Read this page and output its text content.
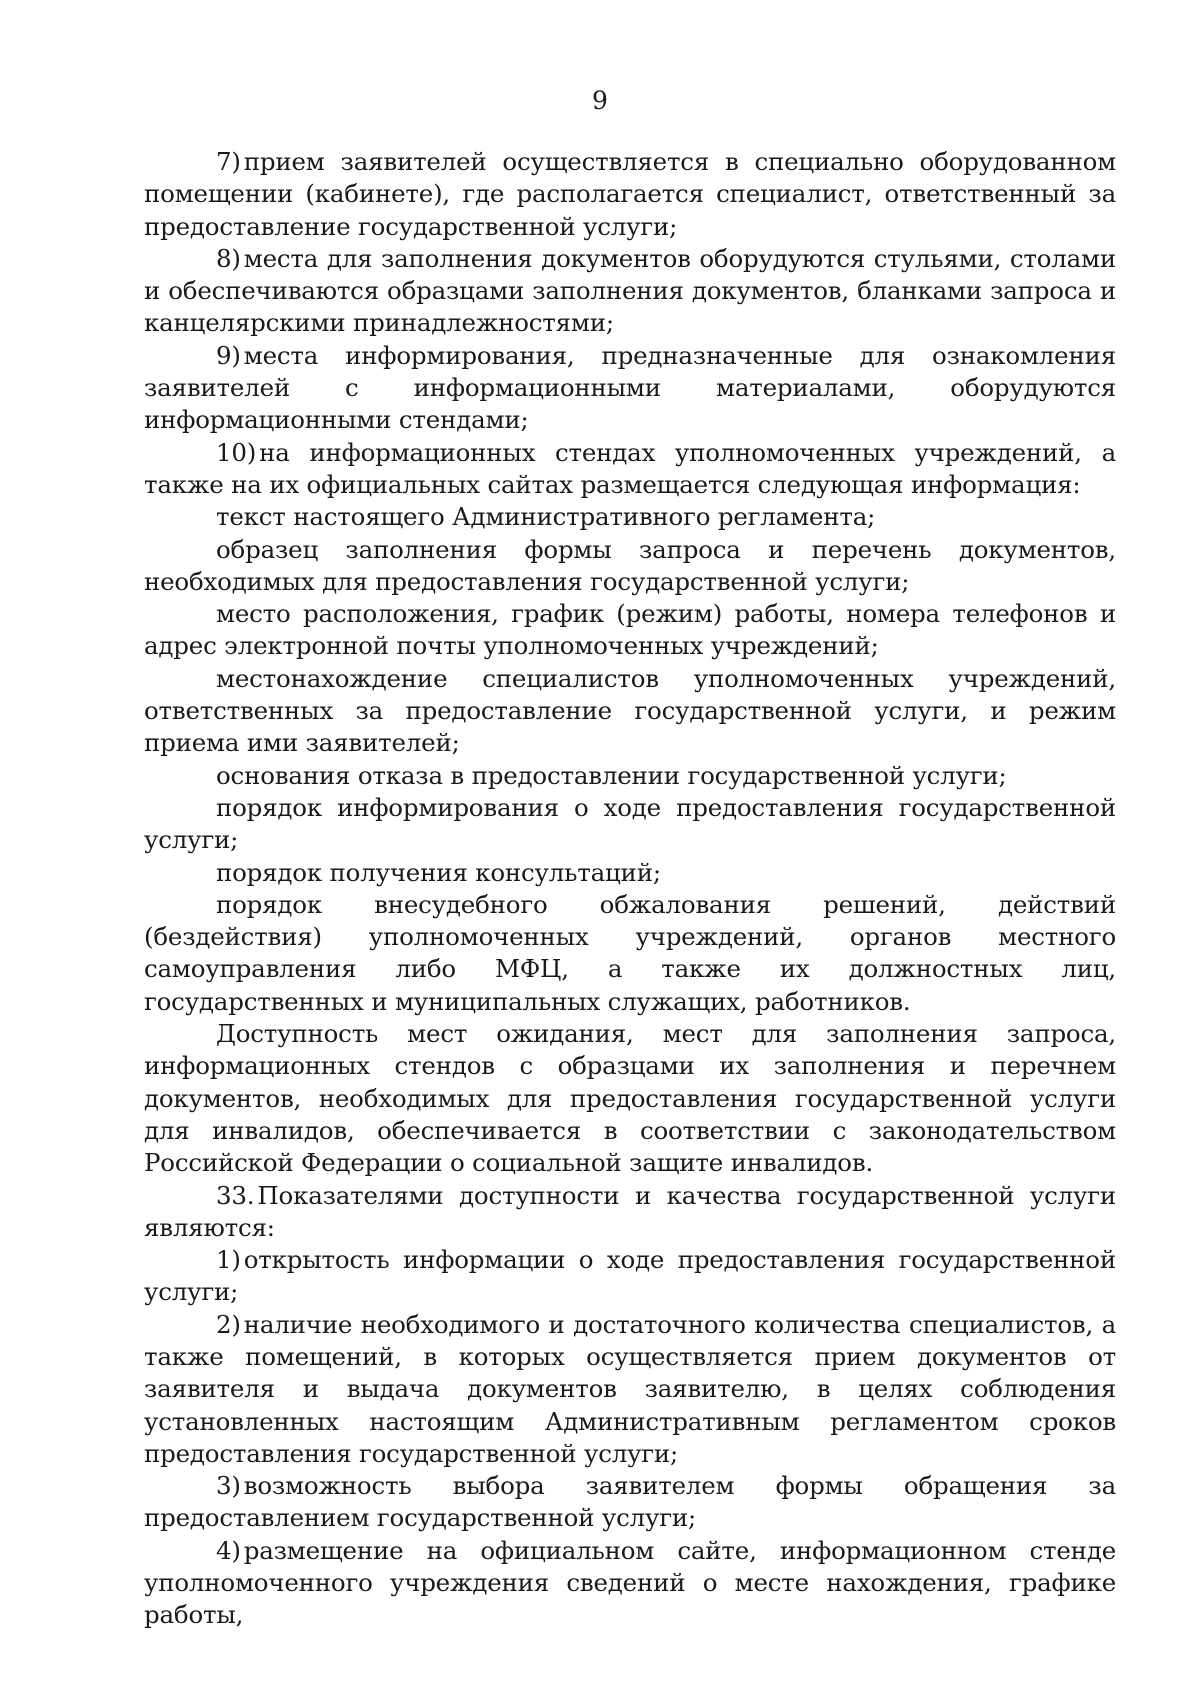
9

7) прием заявителей осуществляется в специально оборудованном помещении (кабинете), где располагается специалист, ответственный за предоставление государственной услуги;

8) места для заполнения документов оборудуются стульями, столами и обеспечиваются образцами заполнения документов, бланками запроса и канцелярскими принадлежностями;

9) места информирования, предназначенные для ознакомления заявителей с информационными материалами, оборудуются информационными стендами;

10) на информационных стендах уполномоченных учреждений, а также на их официальных сайтах размещается следующая информация:

текст настоящего Административного регламента;

образец заполнения формы запроса и перечень документов, необходимых для предоставления государственной услуги;

место расположения, график (режим) работы, номера телефонов и адрес электронной почты уполномоченных учреждений;

местонахождение специалистов уполномоченных учреждений, ответственных за предоставление государственной услуги, и режим приема ими заявителей;

основания отказа в предоставлении государственной услуги;

порядок информирования о ходе предоставления государственной услуги;

порядок получения консультаций;

порядок внесудебного обжалования решений, действий (бездействия) уполномоченных учреждений, органов местного самоуправления либо МФЦ, а также их должностных лиц, государственных и муниципальных служащих, работников.

Доступность мест ожидания, мест для заполнения запроса, информационных стендов с образцами их заполнения и перечнем документов, необходимых для предоставления государственной услуги для инвалидов, обеспечивается в соответствии с законодательством Российской Федерации о социальной защите инвалидов.

33. Показателями доступности и качества государственной услуги являются:

1) открытость информации о ходе предоставления государственной услуги;

2) наличие необходимого и достаточного количества специалистов, а также помещений, в которых осуществляется прием документов от заявителя и выдача документов заявителю, в целях соблюдения установленных настоящим Административным регламентом сроков предоставления государственной услуги;

3) возможность выбора заявителем формы обращения за предоставлением государственной услуги;

4) размещение на официальном сайте, информационном стенде уполномоченного учреждения сведений о месте нахождения, графике работы,
